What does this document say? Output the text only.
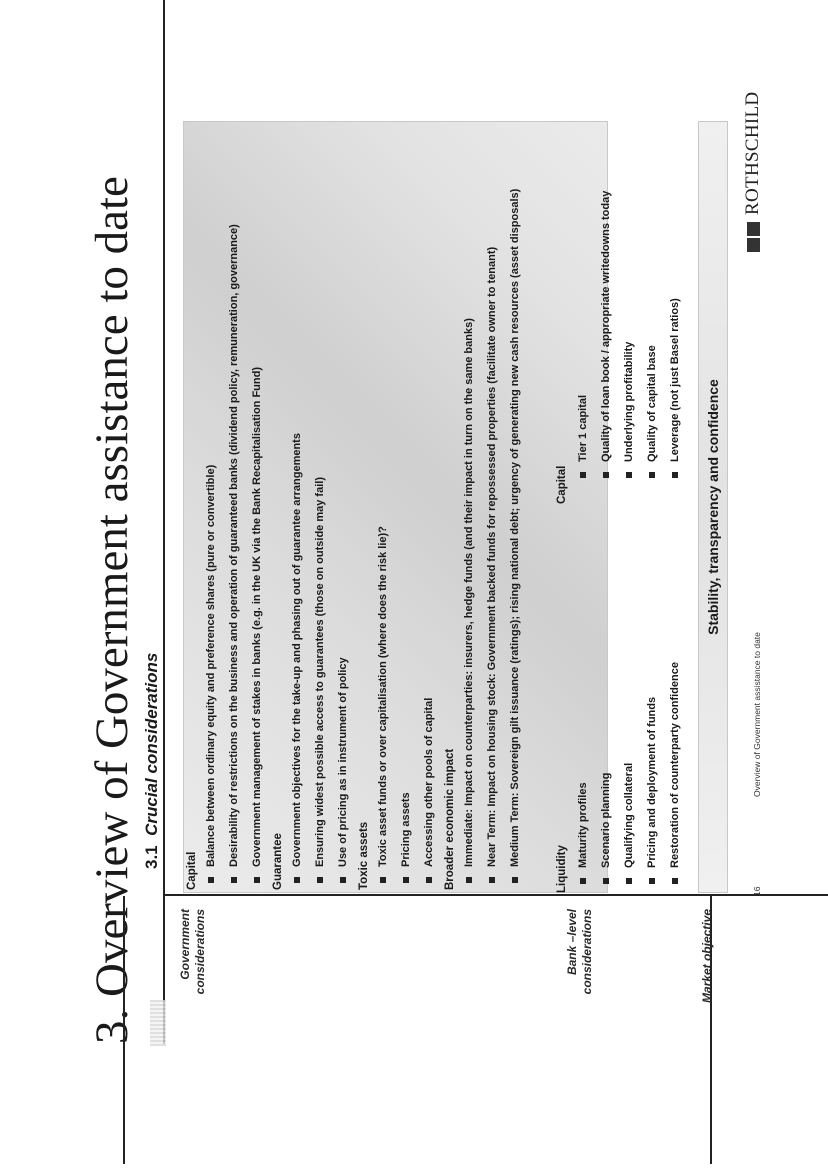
3. Overview of Government assistance to date 3.1  Crucial considerations
Government considerations	Bank –level considerations	Market objective
Capital
Balance between ordinary equity and preference shares (pure or convertible)	Desirability of restrictions on the business and operation of guaranteed banks (dividend policy, remuneration, governance)	Government management of stakes in banks (e.g. in the UK via the Bank Recapitalisation Fund) Guarantee Government objectives for the take-up and phasing out of guarantee arrangements	Ensuring widest possible access to guarantees (those on outside may fail)	Use of pricing as in instrument of policy Toxic assets Toxic asset funds or over capitalisation (where does the risk lie)?	Pricing assets	Accessing other pools of capital Broader economic impact Immediate: Impact on counterparties: insurers, hedge funds (and their impact in turn on the same banks)	Near Term: Impact on housing stock: Government backed funds for repossessed properties (facilitate owner to tenant)	Medium Term: Sovereign gilt issuance (ratings); rising national debt; urgency of generating new cash resources (asset disposals)
Liquidity
Maturity profiles	Scenario planning	Qualifying collateral	Pricing and deployment of funds	Restoration of counterparty confidence
Capital
Tier 1 capital	Quality of loan book / appropriate writedowns today	Underlying profitability	Quality of capital base	Leverage (not just Basel ratios)	Stability, transparency and confidence
16
Overview of Government assistance to date
ROTHSCHILD
